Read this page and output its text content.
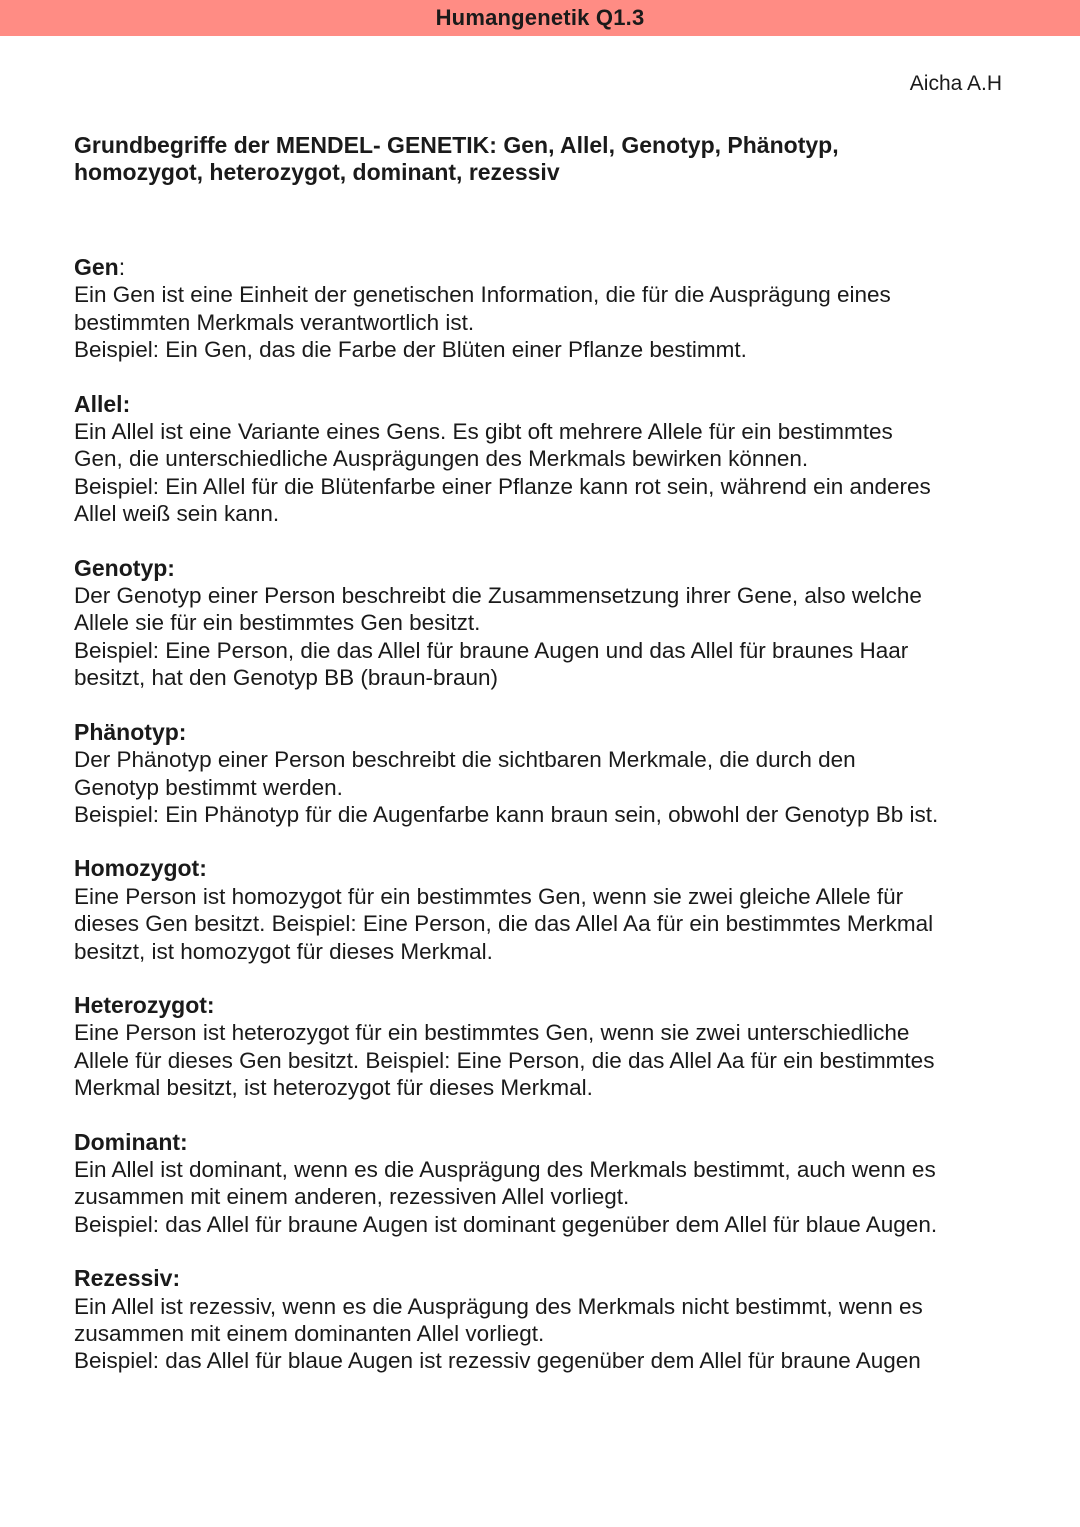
Humangenetik Q1.3
Aicha A.H
Grundbegriffe der MENDEL- GENETIK: Gen, Allel, Genotyp, Phänotyp,
homozygot, heterozygot, dominant, rezessiv
Gen:

Ein Gen ist eine Einheit der genetischen Information, die für die Ausprägung eines
bestimmten Merkmals verantwortlich ist.
Beispiel: Ein Gen, das die Farbe der Blüten einer Pflanze bestimmt.

Allel:

Ein Allel ist eine Variante eines Gens. Es gibt oft mehrere Allele für ein bestimmtes
Gen, die unterschiedliche Ausprägungen des Merkmals bewirken können.
Beispiel: Ein Allel für die Blütenfarbe einer Pflanze kann rot sein, während ein anderes
Allel weiß sein kann.

Genotyp:

Der Genotyp einer Person beschreibt die Zusammensetzung ihrer Gene, also welche
Allele sie für ein bestimmtes Gen besitzt.
Beispiel: Eine Person, die das Allel für braune Augen und das Allel für braunes Haar
besitzt, hat den Genotyp BB (braun-braun)

Phänotyp:

Der Phänotyp einer Person beschreibt die sichtbaren Merkmale, die durch den
Genotyp bestimmt werden.
Beispiel: Ein Phänotyp für die Augenfarbe kann braun sein, obwohl der Genotyp Bb ist.

Homozygot:

Eine Person ist homozygot für ein bestimmtes Gen, wenn sie zwei gleiche Allele für
dieses Gen besitzt. Beispiel: Eine Person, die das Allel Aa für ein bestimmtes Merkmal
besitzt, ist homozygot für dieses Merkmal.

Heterozygot:

Eine Person ist heterozygot für ein bestimmtes Gen, wenn sie zwei unterschiedliche
Allele für dieses Gen besitzt. Beispiel: Eine Person, die das Allel Aa für ein bestimmtes
Merkmal besitzt, ist heterozygot für dieses Merkmal.

Dominant:

Ein Allel ist dominant, wenn es die Ausprägung des Merkmals bestimmt, auch wenn es
zusammen mit einem anderen, rezessiven Allel vorliegt.
Beispiel: das Allel für braune Augen ist dominant gegenüber dem Allel für blaue Augen.

Rezessiv:

Ein Allel ist rezessiv, wenn es die Ausprägung des Merkmals nicht bestimmt, wenn es
zusammen mit einem dominanten Allel vorliegt.
Beispiel: das Allel für blaue Augen ist rezessiv gegenüber dem Allel für braune Augen
